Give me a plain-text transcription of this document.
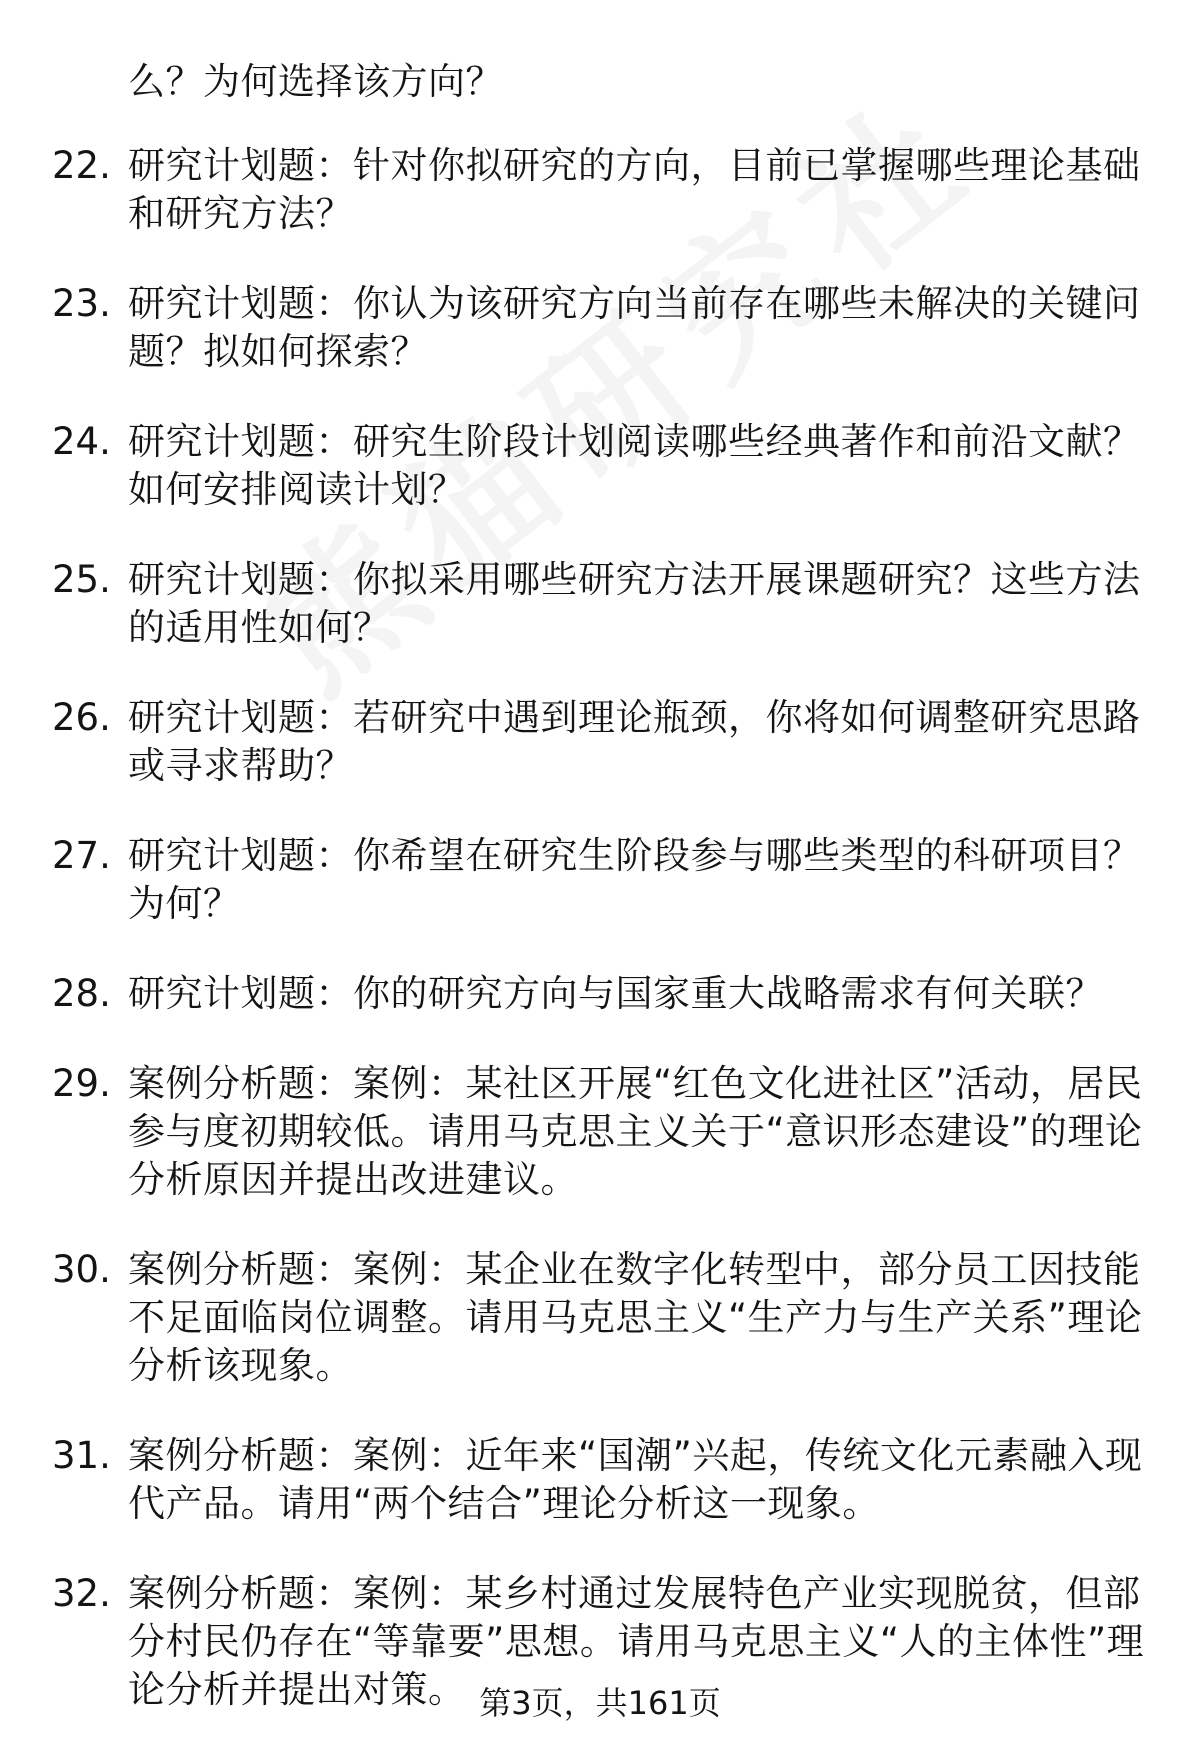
么？为何选择该方向？
22. 研究计划题：针对你拟研究的方向，目前已掌握哪些理论基础和研究方法？
23. 研究计划题：你认为该研究方向当前存在哪些未解决的关键问题？拟如何探索？
24. 研究计划题：研究生阶段计划阅读哪些经典著作和前沿文献？如何安排阅读计划？
25. 研究计划题：你拟采用哪些研究方法开展课题研究？这些方法的适用性如何？
26. 研究计划题：若研究中遇到理论瓶颈，你将如何调整研究思路或寻求帮助？
27. 研究计划题：你希望在研究生阶段参与哪些类型的科研项目？为何？
28. 研究计划题：你的研究方向与国家重大战略需求有何关联？
29. 案例分析题：案例：某社区开展“红色文化进社区”活动，居民参与度初期较低。请用马克思主义关于“意识形态建设”的理论分析原因并提出改进建议。
30. 案例分析题：案例：某企业在数字化转型中，部分员工因技能不足面临岗位调整。请用马克思主义“生产力与生产关系”理论分析该现象。
31. 案例分析题：案例：近年来“国潮”兴起，传统文化元素融入现代产品。请用“两个结合”理论分析这一现象。
32. 案例分析题：案例：某乡村通过发展特色产业实现脱贫，但部分村民仍存在“等靠要”思想。请用马克思主义“人的主体性”理论分析并提出对策。 第3页，共161页
